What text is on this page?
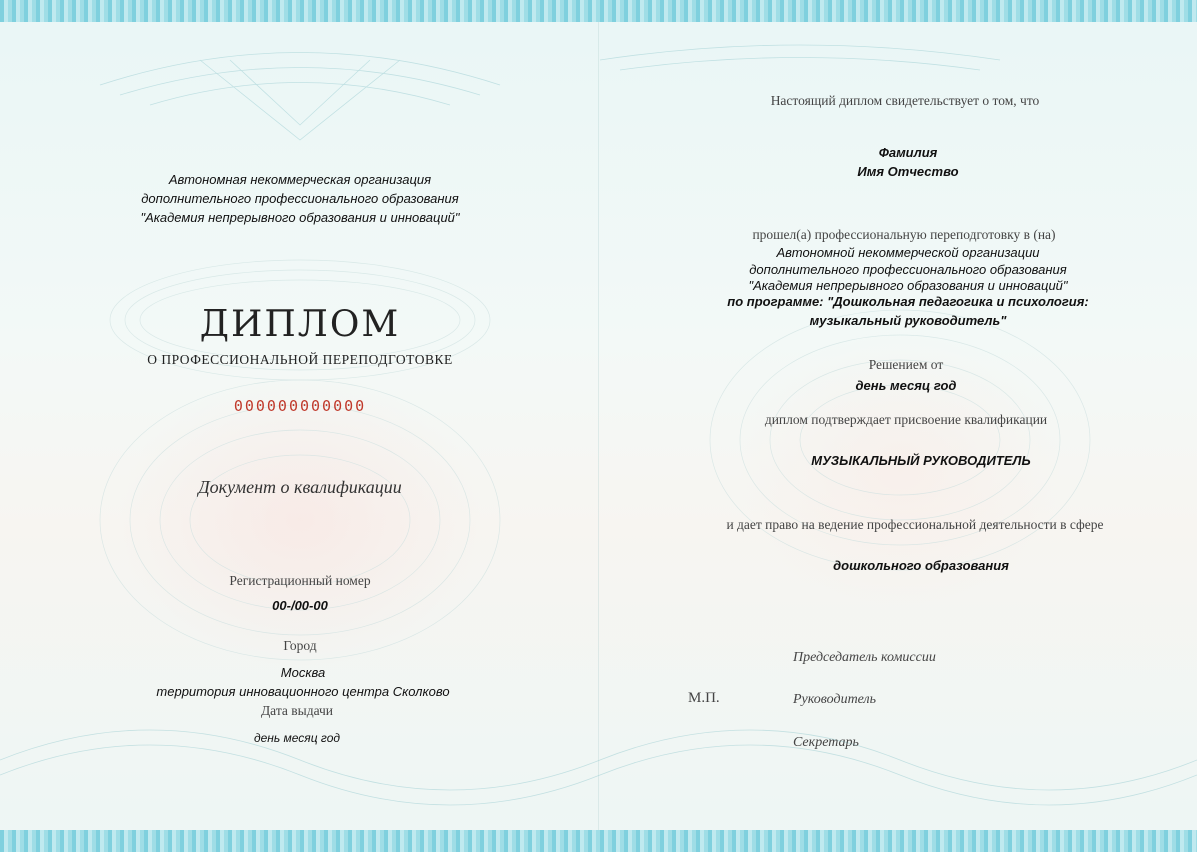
Автономная некоммерческая организация
дополнительного профессионального образования
"Академия непрерывного образования и инноваций"
ДИПЛОМ
О ПРОФЕССИОНАЛЬНОЙ ПЕРЕПОДГОТОВКЕ
000000000000
Документ о квалификации
Регистрационный номер
00-/00-00
Город
Москва
территория инновационного центра Сколково
Дата выдачи
день месяц год
Настоящий диплом свидетельствует о том, что
Фамилия
Имя Отчество
прошел(а) профессиональную переподготовку в (на)
Автономной некоммерческой организации
дополнительного профессионального образования
"Академия непрерывного образования и инноваций"
по программе: "Дошкольная педагогика и психология:
музыкальный руководитель"
Решением от
день месяц год
диплом подтверждает присвоение квалификации
МУЗЫКАЛЬНЫЙ РУКОВОДИТЕЛЬ
и дает право на ведение профессиональной деятельности в сфере
дошкольного образования
М.П.
Председатель комиссии
Руководитель
Секретарь
